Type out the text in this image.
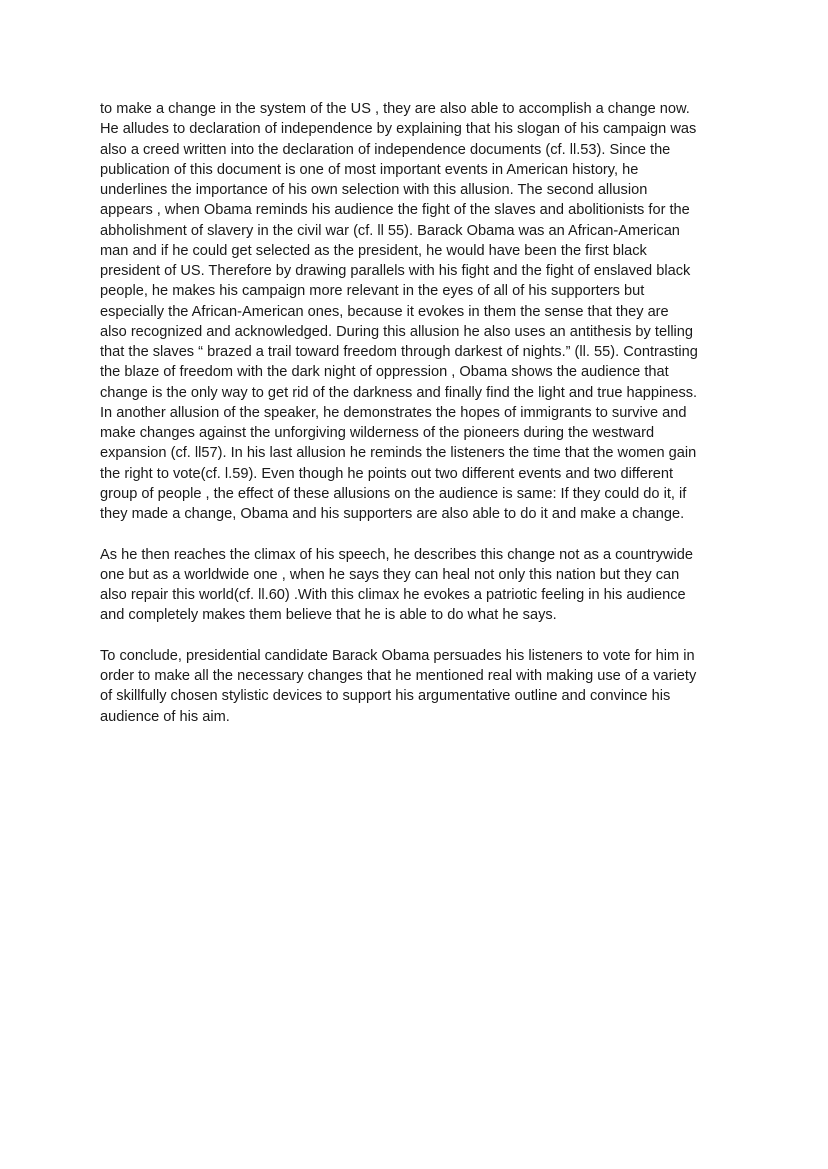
to make a change in the system of the US , they are also able to accomplish a change now.
He alludes to declaration of independence by explaining that his slogan of his campaign was
also a creed written into the declaration of independence documents (cf. ll.53). Since the
publication of this document is one of most important events in American history, he
underlines the importance of his own selection with this allusion. The second allusion
appears , when Obama reminds his audience the fight of the slaves and abolitionists for the
abholishment of slavery in the civil war (cf. ll 55). Barack Obama was an African-American
man and if he could get selected as the president, he would have been the first black
president of US. Therefore by drawing parallels with his fight and the fight of enslaved black
people, he makes his campaign more relevant in the eyes of all of his supporters but
especially the African-American ones, because it evokes in them the sense that they are
also recognized and acknowledged. During this allusion he also uses an antithesis by telling
that the slaves “ brazed a trail toward freedom through darkest of nights.” (ll. 55). Contrasting
the blaze of freedom with the dark night of oppression , Obama shows the audience that
change is the only way to get rid of the darkness and finally find the light and true happiness.
In another allusion of the speaker, he demonstrates the hopes of immigrants to survive and
make changes against the unforgiving wilderness of the pioneers during the westward
expansion (cf. ll57). In his last allusion he reminds the listeners the time that the women gain
the right to vote(cf. l.59). Even though he points out two different events and two different
group of people , the effect of these allusions on the audience is same: If they could do it, if
they made a change, Obama and his supporters are also able to do it and make a change.

As he then reaches the climax of his speech, he describes this change not as a countrywide
one but as a worldwide one , when he says they can heal not only this nation but they can
also repair this world(cf. ll.60) .With this climax he evokes a patriotic feeling in his audience
and completely makes them believe that he is able to do what he says.

To conclude, presidential candidate Barack Obama persuades his listeners to vote for him in
order to make all the necessary changes that he mentioned real with making use of a variety
of skillfully chosen stylistic devices to support his argumentative outline and convince his
audience of his aim.
